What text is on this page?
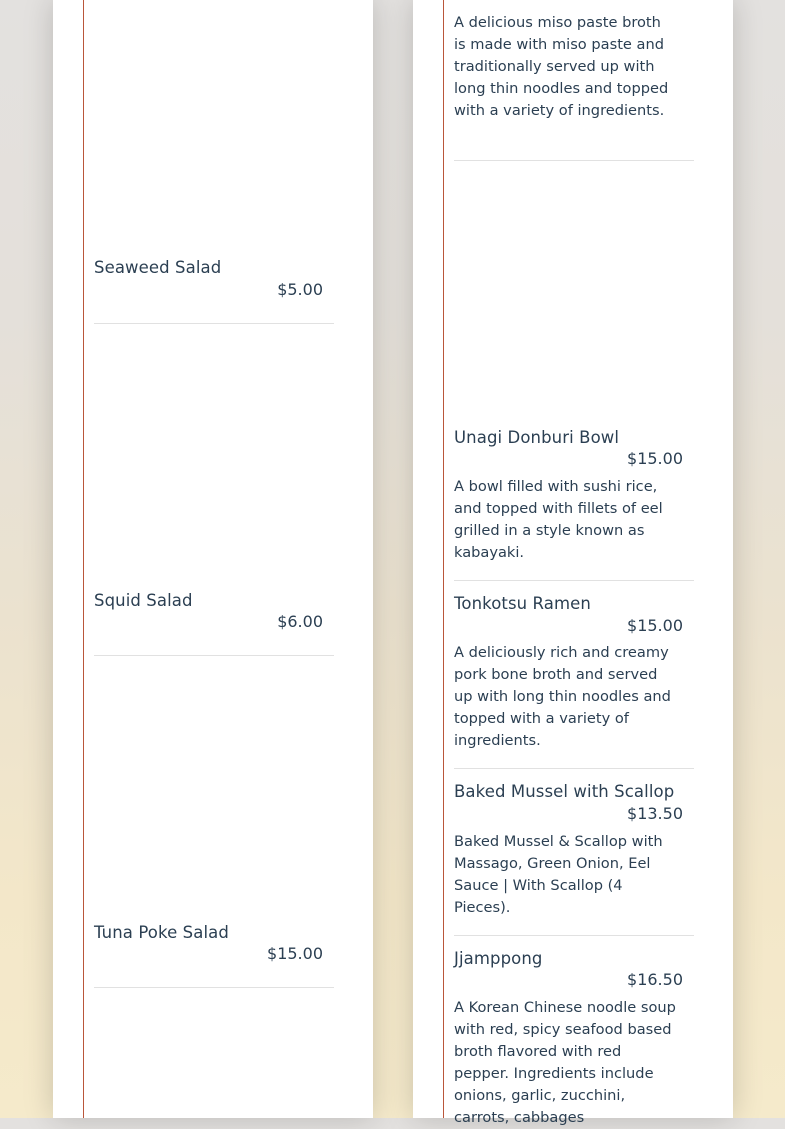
Seaweed Salad
$5.00
Squid Salad
$6.00
Tuna Poke Salad
$15.00
A delicious miso paste broth is made with miso paste and traditionally served up with long thin noodles and topped with a variety of ingredients.
Unagi Donburi Bowl
$15.00
A bowl filled with sushi rice, and topped with fillets of eel grilled in a style known as kabayaki.
Tonkotsu Ramen
$15.00
A deliciously rich and creamy pork bone broth and served up with long thin noodles and topped with a variety of ingredients.
Baked Mussel with Scallop
$13.50
Baked Mussel & Scallop with Massago, Green Onion, Eel Sauce | With Scallop (4 Pieces).
Jjamppong
$16.50
A Korean Chinese noodle soup with red, spicy seafood based broth flavored with red pepper. Ingredients include onions, garlic, zucchini, carrots, cabbages
